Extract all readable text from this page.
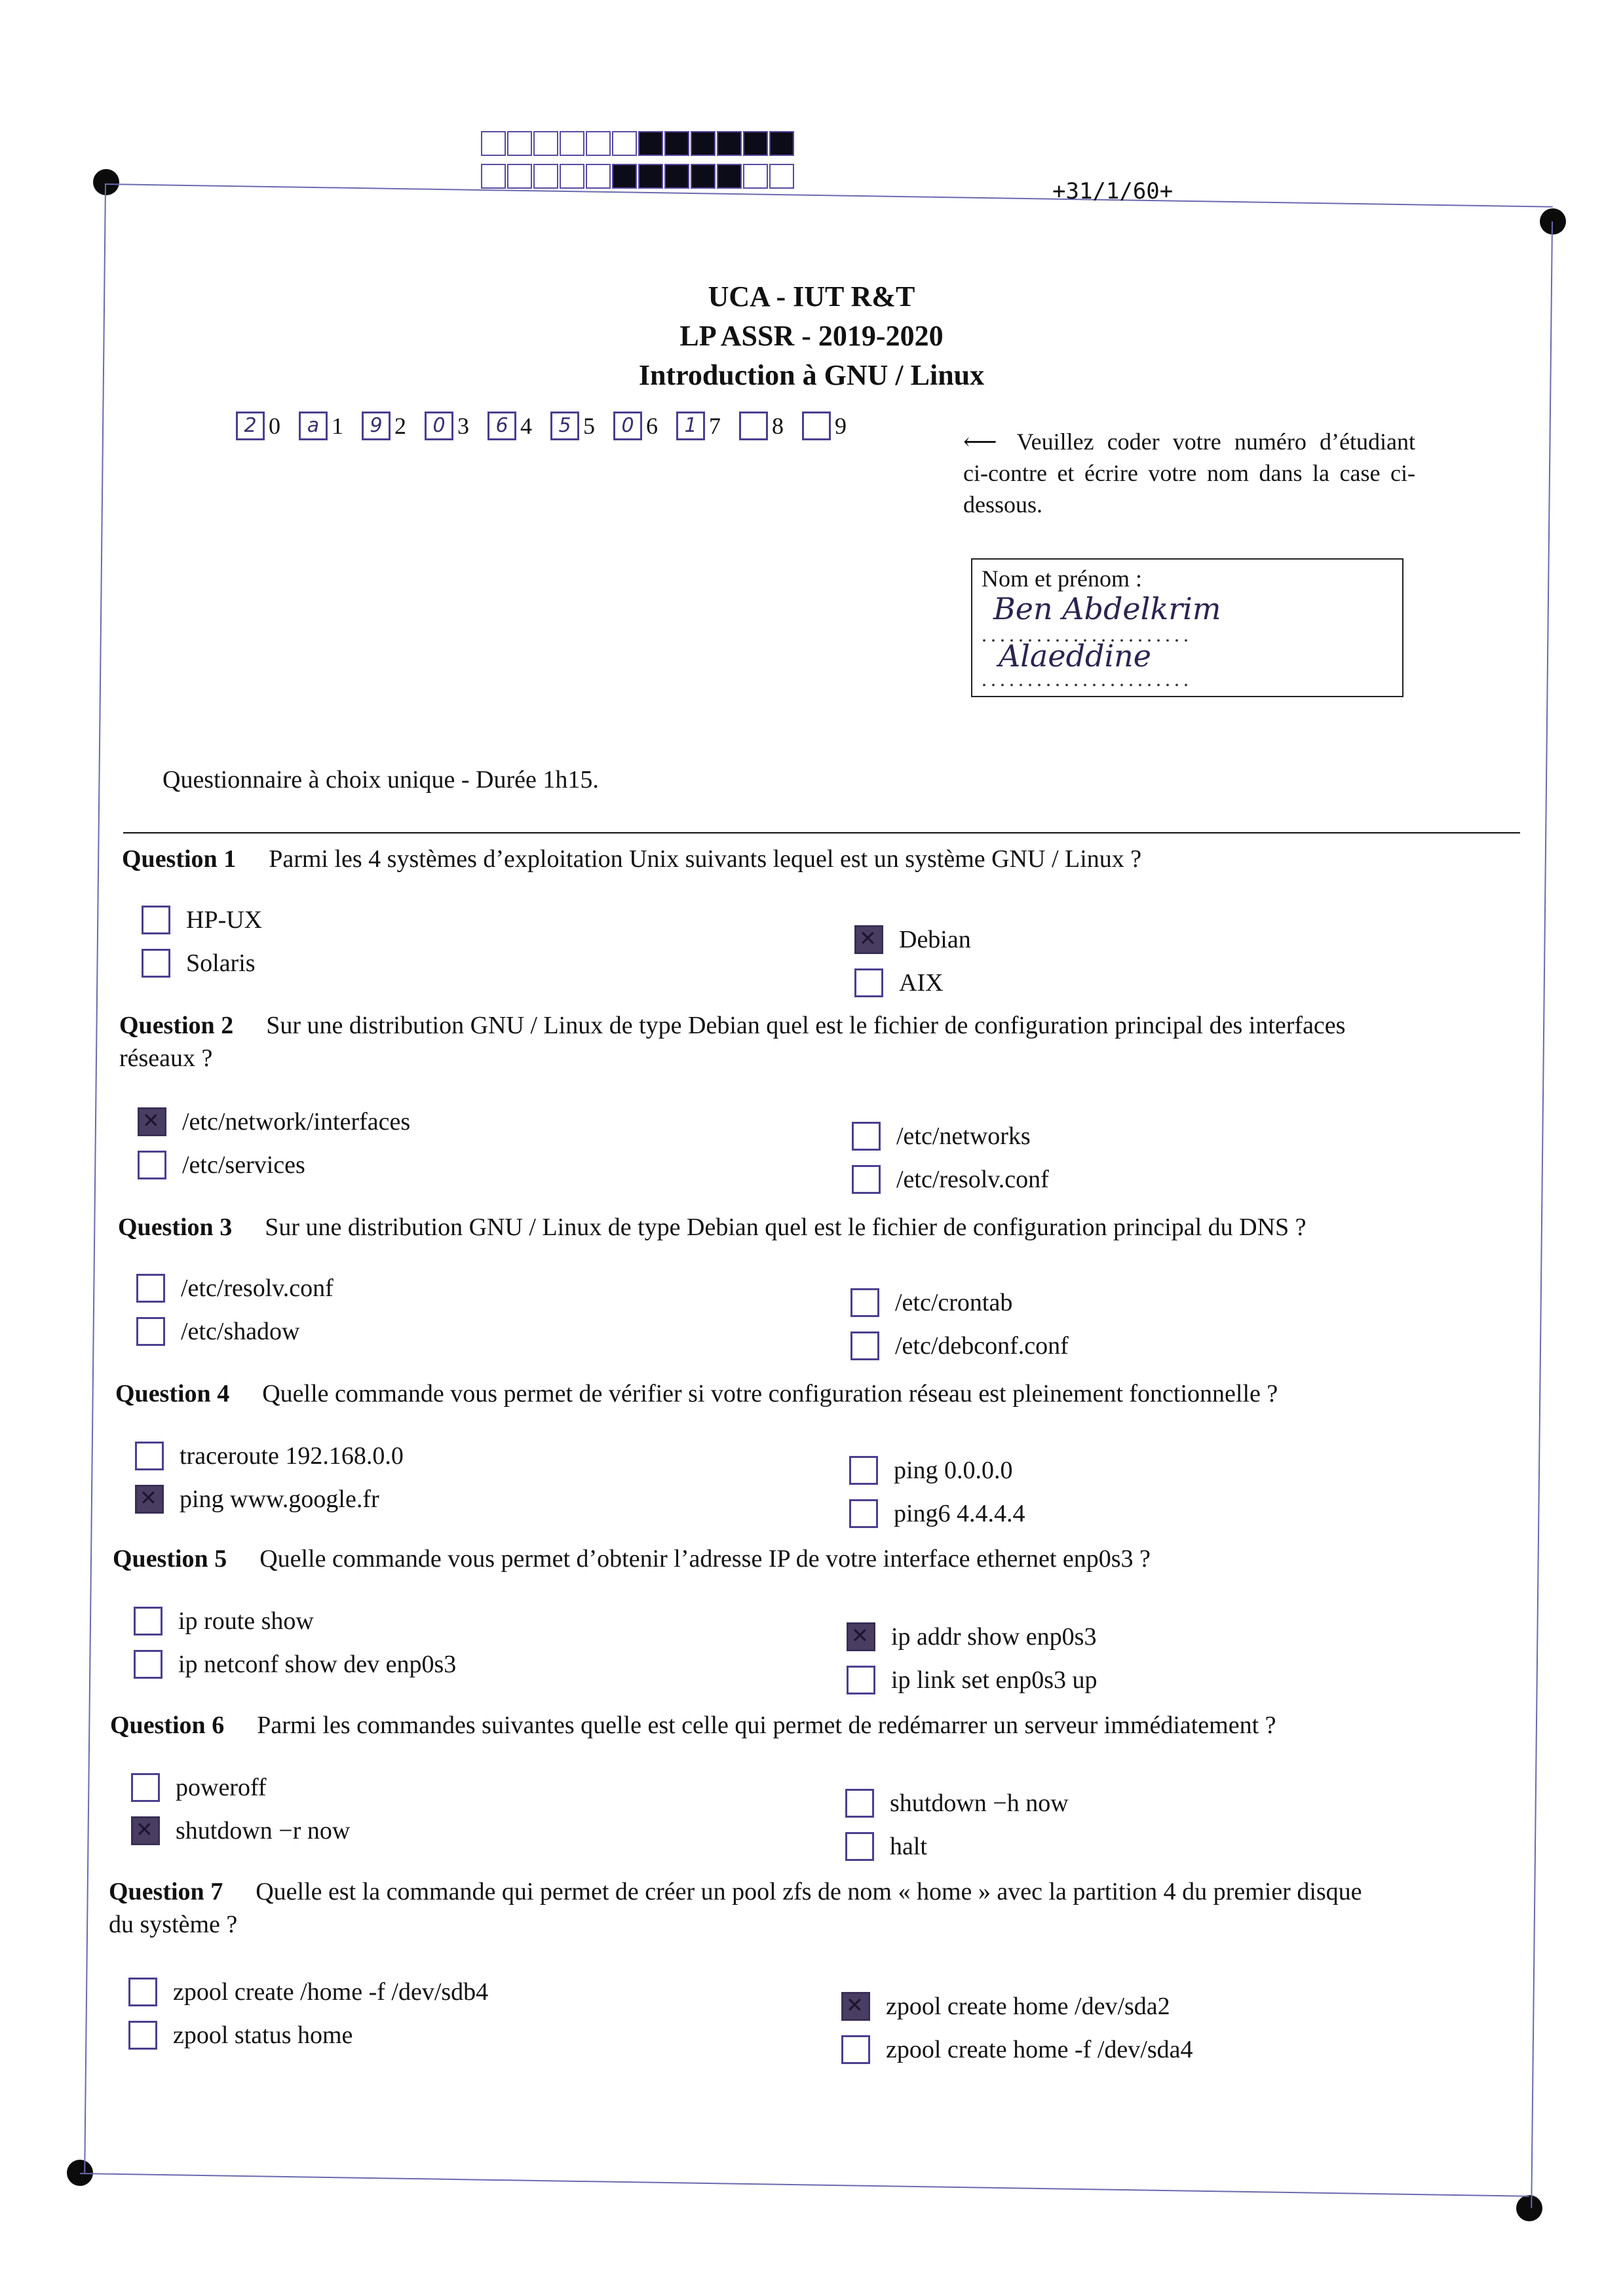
+31/1/60+
UCA - IUT R&T
LP ASSR - 2019-2020
Introduction à GNU / Linux
2 0	a 1	9 2	0 3	6 4	5 5	0 6	1 7 8 9
⟵ Veuillez coder votre numéro d’étudiant ci-contre et écrire votre nom dans la case ci-dessous.
Nom et prénom :
Ben Abdelkrim
.......................
Alaeddine
.......................
Questionnaire à choix unique - Durée 1h15.
Question 1 Parmi les 4 systèmes d’exploitation Unix suivants lequel est un système GNU / Linux ?
HP-UX
Solaris
✕
Debian
AIX
Question 2 Sur une distribution GNU / Linux de type Debian quel est le fichier de configuration principal des interfaces
réseaux ?
✕
/etc/network/interfaces
/etc/services
/etc/networks
/etc/resolv.conf
Question 3 Sur une distribution GNU / Linux de type Debian quel est le fichier de configuration principal du DNS ?
/etc/resolv.conf
/etc/shadow
/etc/crontab
/etc/debconf.conf
Question 4 Quelle commande vous permet de vérifier si votre configuration réseau est pleinement fonctionnelle ?
traceroute 192.168.0.0
✕
ping www.google.fr
ping 0.0.0.0
ping6 4.4.4.4
Question 5 Quelle commande vous permet d’obtenir l’adresse IP de votre interface ethernet enp0s3 ?
ip route show
ip netconf show dev enp0s3
✕
ip addr show enp0s3
ip link set enp0s3 up
Question 6 Parmi les commandes suivantes quelle est celle qui permet de redémarrer un serveur immédiatement ?
poweroff
✕
shutdown −r now
shutdown −h now
halt
Question 7 Quelle est la commande qui permet de créer un pool zfs de nom « home » avec la partition 4 du premier disque
du système ?
zpool create /home -f /dev/sdb4
zpool status home
✕
zpool create home /dev/sda2
zpool create home -f /dev/sda4
